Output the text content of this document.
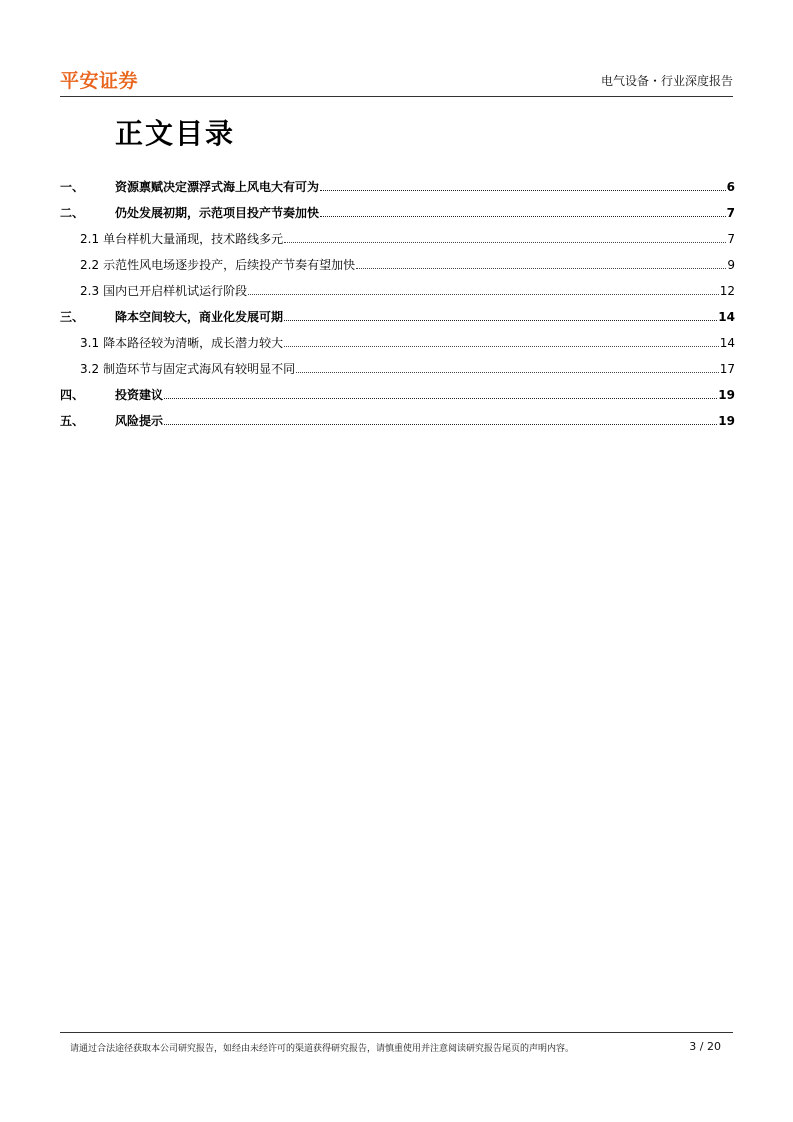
平安证券	电气设备・行业深度报告
正文目录
一、	资源禀赋决定漂浮式海上风电大有可为	6
二、	仍处发展初期，示范项目投产节奏加快	7
2.1 单台样机大量涌现，技术路线多元	7
2.2 示范性风电场逐步投产，后续投产节奏有望加快	9
2.3 国内已开启样机试运行阶段	12
三、	降本空间较大，商业化发展可期	14
3.1 降本路径较为清晰，成长潜力较大	14
3.2 制造环节与固定式海风有较明显不同	17
四、	投资建议	19
五、	风险提示	19
请通过合法途径获取本公司研究报告，如经由未经许可的渠道获得研究报告，请慎重使用并注意阅读研究报告尾页的声明内容。	3 / 20
